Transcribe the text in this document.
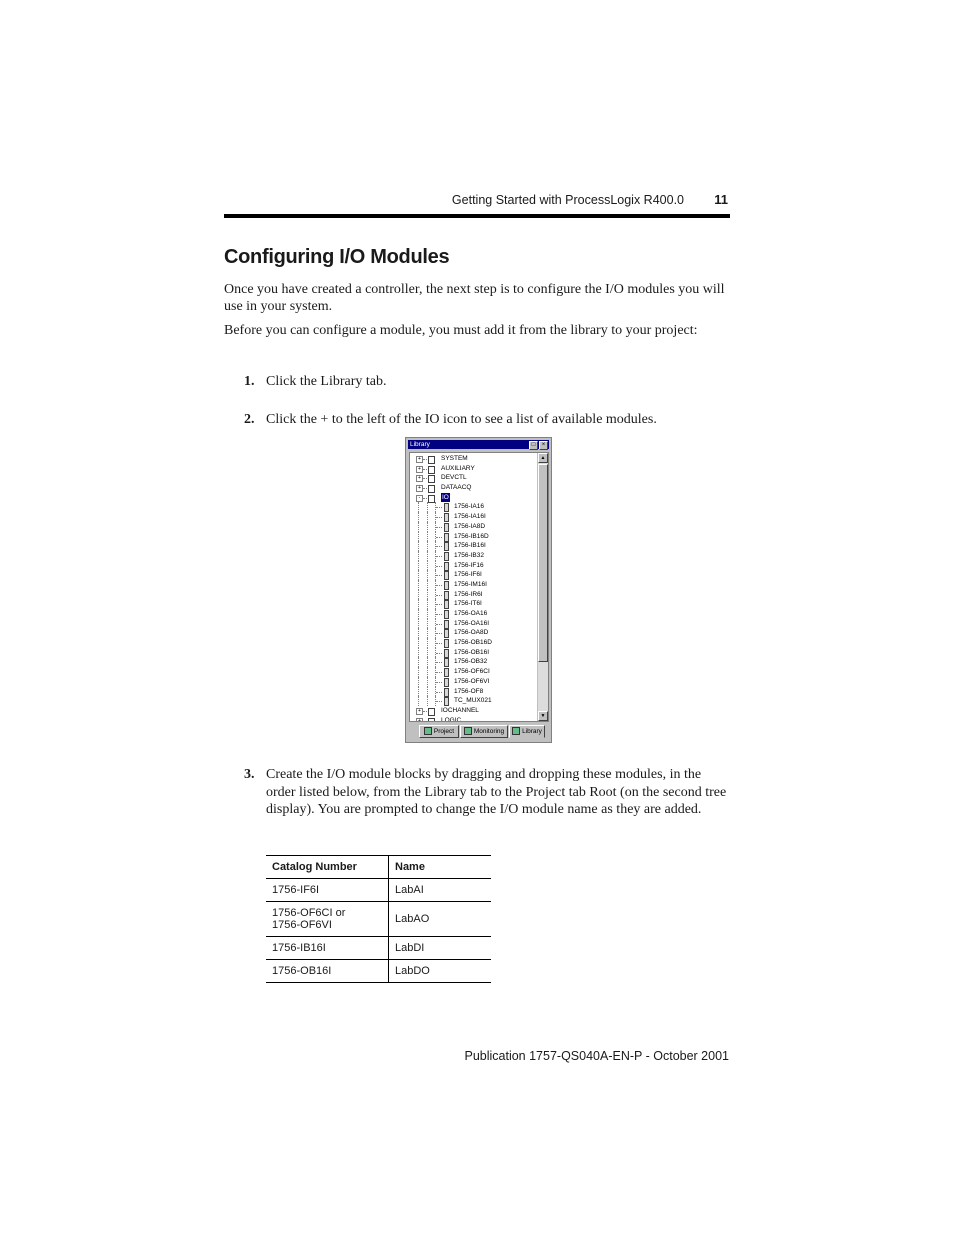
Getting Started with ProcessLogix R400.0 11
Configuring I/O Modules

Once you have created a controller, the next step is to configure the I/O modules you will use in your system.

Before you can configure a module, you must add it from the library to your project:

1. Click the Library tab.
2. Click the + to the left of the IO icon to see a list of available modules.
Library	□ ×
+	SYSTEM
+	AUXILIARY
+	DEVCTL
+	DATAACQ
-	IO
1756-IA16
1756-IA16I
1756-IA8D
1756-IB16D
1756-IB16I
1756-IB32
1756-IF16
1756-IF6I
1756-IM16I
1756-IR6I
1756-IT6I
1756-OA16
1756-OA16I
1756-OA8D
1756-OB16D
1756-OB16I
1756-OB32
1756-OF6CI
1756-OF6VI
1756-OF8
TC_MUX021
+	IOCHANNEL
+	LOGIC
▲
▼
Project	Monitoring	Library
3. Create the I/O module blocks by dragging and dropping these modules, in the order listed below, from the Library tab to the Project tab Root (on the second tree display). You are prompted to change the I/O module name as they are added.
Catalog Number	Name
1756-IF6I	LabAI
1756-OF6CI or
1756-OF6VI	LabAO
1756-IB16I	LabDI
1756-OB16I	LabDO
Publication 1757-QS040A-EN-P - October 2001
